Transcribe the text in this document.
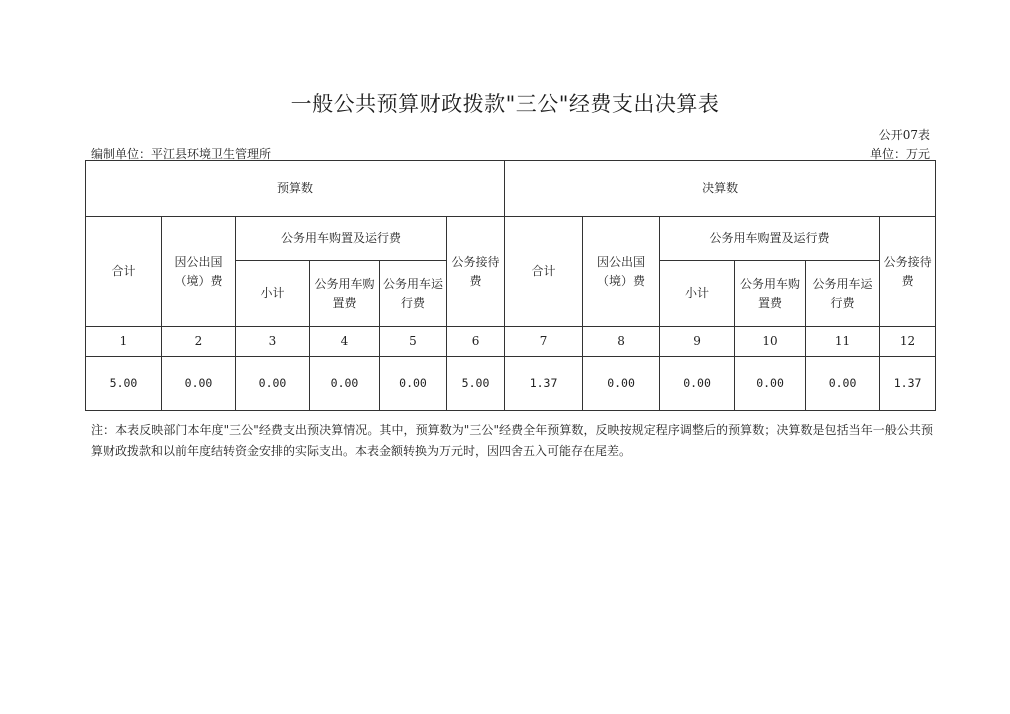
一般公共预算财政拨款"三公"经费支出决算表
公开07表
编制单位：平江县环境卫生管理所	单位：万元
预算数						决算数					
合计	因公出国（境）费	公务用车购置及运行费			公务接待费	合计	因公出国（境）费	公务用车购置及运行费			公务接待费
		小计	公务用车购置费	公务用车运行费				小计	公务用车购置费	公务用车运行费	
1	2	3	4	5	6	7	8	9	10	11	12
5.00	0.00	0.00	0.00	0.00	5.00	1.37	0.00	0.00	0.00	0.00	1.37
注：本表反映部门本年度"三公"经费支出预决算情况。其中，预算数为"三公"经费全年预算数，反映按规定程序调整后的预算数；决算数是包括当年一般公共预算财政拨款和以前年度结转资金安排的实际支出。本表金额转换为万元时，因四舍五入可能存在尾差。
